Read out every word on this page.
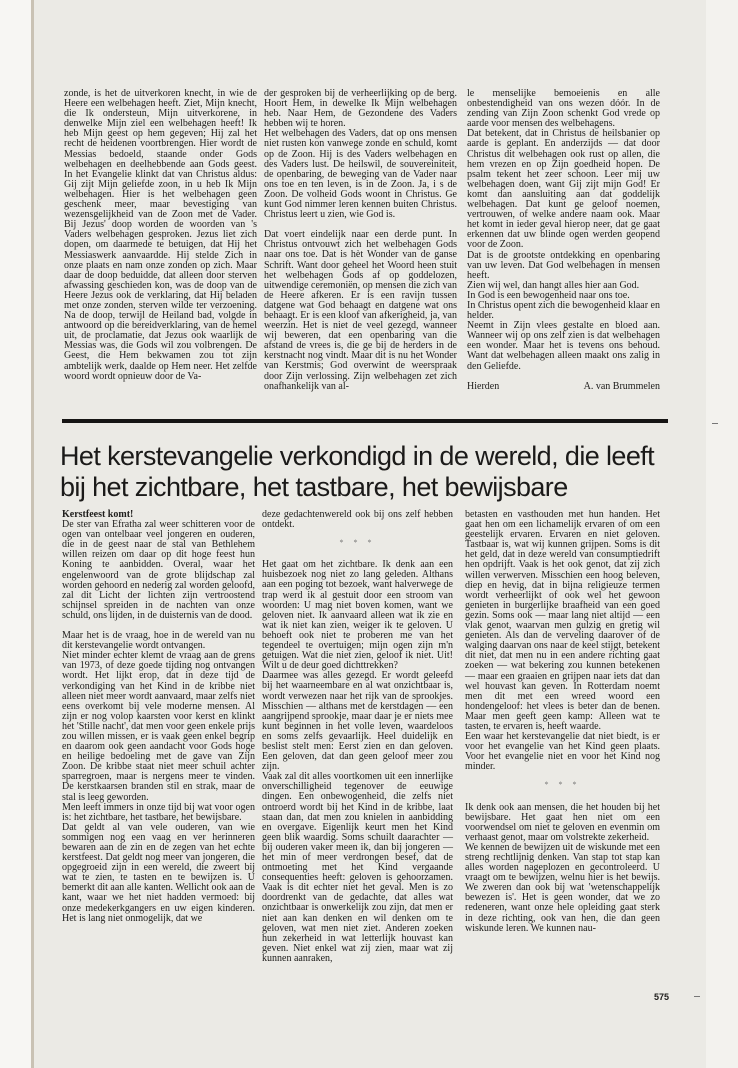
zonde, is het de uitverkoren knecht, in wie de Heere een welbehagen heeft. Ziet, Mijn knecht, die Ik ondersteun, Mijn uitverkorene, in denwelke Mijn ziel een welbehagen heeft! Ik heb Mijn geest op hem gegeven; Hij zal het recht de heidenen voortbrengen. Hier wordt de Messias bedoeld, staande onder Gods welbehagen en deelhebbende aan Gods geest. In het Evangelie klinkt dat van Christus aldus: Gij zijt Mijn geliefde zoon, in u heb Ik Mijn welbehagen. Hier is het welbehagen geen geschenk meer, maar bevestiging van wezensgelijkheid van de Zoon met de Vader. Bij Jezus' doop worden de woorden van 's Vaders welbehagen gesproken. Jezus liet zich dopen, om daarmede te betuigen, dat Hij het Messiaswerk aanvaardde. Hij stelde Zich in onze plaats en nam onze zonden op zich. Maar daar de doop beduidde, dat alleen door sterven afwassing geschieden kon, was de doop van de Heere Jezus ook de verklaring, dat Hij beladen met onze zonden, sterven wilde ter verzoening. Na de doop, terwijl de Heiland bad, volgde in antwoord op die bereidverklaring, van de hemel uit, de proclamatie, dat Jezus ook waarlijk de Messias was, die Gods wil zou volbrengen. De Geest, die Hem bekwamen zou tot zijn ambtelijk werk, daalde op Hem neer. Het zelfde woord wordt opnieuw door de Va-

der gesproken bij de verheerlijking op de berg. Hoort Hem, in dewelke Ik Mijn welbehagen heb. Naar Hem, de Gezondene des Vaders hebben wij te horen.

Het welbehagen des Vaders, dat op ons mensen niet rusten kon vanwege zonde en schuld, komt op de Zoon. Hij is des Vaders welbehagen en des Vaders lust. De heilswil, de souvereiniteit, de openbaring, de beweging van de Vader naar ons toe en ten leven, is in de Zoon. Ja, i s de Zoon. De volheid Gods woont in Christus. Ge kunt God nimmer leren kennen buiten Christus. Christus leert u zien, wie God is.

Dat voert eindelijk naar een derde punt. In Christus ontvouwt zich het welbehagen Gods naar ons toe. Dat is hèt Wonder van de ganse Schrift. Want door geheel het Woord heen stuit het welbehagen Gods af op goddelozen, uitwendige ceremoniën, op mensen die zich van de Heere afkeren. Er is een ravijn tussen datgene wat God behaagt en datgene wat ons behaagt. Er is een kloof van afkerigheid, ja, van weerzin. Het is niet de veel gezegd, wanneer wij beweren, dat een openbaring van die afstand de vrees is, die ge bij de herders in de kerstnacht nog vindt. Maar dit is nu het Wonder van Kerstmis; God overwint de weerspraak door Zijn verlossing. Zijn welbehagen zet zich onafhankelijk van al-

le menselijke bemoeienis en alle onbestendigheid van ons wezen dóór. In de zending van Zijn Zoon schenkt God vrede op aarde voor mensen des welbehagens.

Dat betekent, dat in Christus de heilsbanier op aarde is geplant. En anderzijds — dat door Christus dit welbehagen ook rust op allen, die hem vrezen en op Zijn goedheid hopen. De psalm tekent het zeer schoon. Leer mij uw welbehagen doen, want Gij zijt mijn God! Er komt dan aansluiting aan dat goddelijk welbehagen. Dat kunt ge geloof noemen, vertrouwen, of welke andere naam ook. Maar het komt in ieder geval hierop neer, dat ge gaat erkennen dat uw blinde ogen werden geopend voor de Zoon.

Dat is de grootste ontdekking en openbaring van uw leven. Dat God welbehagen in mensen heeft.

Zien wij wel, dan hangt alles hier aan God.

In God is een bewogenheid naar ons toe.

In Christus opent zich die bewogenheid klaar en helder.

Neemt in Zijn vlees gestalte en bloed aan. Wanneer wij op ons zelf zien is dat welbehagen een wonder. Maar het is tevens ons behoud. Want dat welbehagen alleen maakt ons zalig in den Geliefde.

Hierden	A. van Brummelen
Het kerstevangelie verkondigd in de wereld, die leeft bij het zichtbare, het tastbare, het bewijsbare

Kerstfeest komt!

De ster van Efratha zal weer schitteren voor de ogen van ontelbaar veel jongeren en ouderen, die in de geest naar de stal van Bethlehem willen reizen om daar op dit hoge feest hun Koning te aanbidden. Overal, waar het engelenwoord van de grote blijdschap zal worden gehoord en nederig zal worden geloofd, zal dit Licht der lichten zijn vertroostend schijnsel spreiden in de nachten van onze schuld, ons lijden, in de duisternis van de dood.

Maar het is de vraag, hoe in de wereld van nu dit kerstevangelie wordt ontvangen.

Niet minder echter klemt de vraag aan de grens van 1973, of deze goede tijding nog ontvangen wordt. Het lijkt erop, dat in deze tijd de verkondiging van het Kind in de kribbe niet alleen niet meer wordt aanvaard, maar zelfs niet eens overkomt bij vele moderne mensen. Al zijn er nog volop kaarsten voor kerst en klinkt het 'Stille nacht', dat men voor geen enkele prijs zou willen missen, er is vaak geen enkel begrip en daarom ook geen aandacht voor Gods hoge en heilige bedoeling met de gave van Zijn Zoon. De kribbe staat niet meer schuil achter sparregroen, maar is nergens meer te vinden. De kerstkaarsen branden stil en strak, maar de stal is leeg geworden.

Men leeft immers in onze tijd bij wat voor ogen is: het zichtbare, het tastbare, het bewijsbare.

Dat geldt al van vele ouderen, van wie sommigen nog een vaag en ver herinneren bewaren aan de zin en de zegen van het echte kerstfeest. Dat geldt nog meer van jongeren, die opgegroeid zijn in een wereld, die zweert bij wat te zien, te tasten en te bewijzen is. U bemerkt dit aan alle kanten. Wellicht ook aan de kant, waar we het niet hadden vermoed: bij onze medekerkgangers en uw eigen kinderen. Het is lang niet onmogelijk, dat we

deze gedachtenwereld ook bij ons zelf hebben ontdekt.

* * *

Het gaat om het zichtbare. Ik denk aan een huisbezoek nog niet zo lang geleden. Althans aan een poging tot bezoek, want halverwege de trap werd ik al gestuit door een stroom van woorden: U mag niet boven komen, want we geloven niet. Ik aanvaard alleen wat ik zie en wat ik niet kan zien, weiger ik te geloven. U behoeft ook niet te proberen me van het tegendeel te overtuigen; mijn ogen zijn m'n getuigen. Wat die niet zien, geloof ik niet. Uit! Wilt u de deur goed dichttrekken?

Daarmee was alles gezegd. Er wordt geleefd bij het waarneembare en al wat onzichtbaar is, wordt verwezen naar het rijk van de sprookjes. Misschien — althans met de kerstdagen — een aangrijpend sprookje, maar daar je er niets mee kunt beginnen in het volle leven, waardeloos en soms zelfs gevaarlijk. Heel duidelijk en beslist stelt men: Eerst zien en dan geloven. Een geloven, dat dan geen geloof meer zou zijn.

Vaak zal dit alles voortkomen uit een innerlijke onverschilligheid tegenover de eeuwige dingen. Een onbewogenheid, die zelfs niet ontroerd wordt bij het Kind in de kribbe, laat staan dan, dat men zou knielen in aanbidding en overgave. Eigenlijk keurt men het Kind geen blik waardig. Soms schuilt daarachter — bij ouderen vaker meen ik, dan bij jongeren — het min of meer verdrongen besef, dat de ontmoeting met het Kind vergaande consequenties heeft: geloven is gehoorzamen. Vaak is dit echter niet het geval. Men is zo doordrenkt van de gedachte, dat alles wat onzichtbaar is onwerkelijk zou zijn, dat men er niet aan kan denken en wil denken om te geloven, wat men niet ziet. Anderen zoeken hun zekerheid in wat letterlijk houvast kan geven. Niet enkel wat zij zien, maar wat zij kunnen aanraken,

betasten en vasthouden met hun handen. Het gaat hen om een lichamelijk ervaren of om een geestelijk ervaren. Ervaren en niet geloven. Tastbaar is, wat wij kunnen grijpen. Soms is dit het geld, dat in deze wereld van consumptiedrift hen opdrijft. Vaak is het ook genot, dat zij zich willen verwerven. Misschien een hoog beleven, diep en hevig, dat in bijna religieuze termen wordt verheerlijkt of ook wel het gewoon genieten in burgerlijke braafheid van een goed gezin. Soms ook — maar lang niet altijd — een vlak genot, waarvan men gulzig en gretig wil genieten. Als dan de verveling daarover of de walging daarvan ons naar de keel stijgt, betekent dit niet, dat men nu in een andere richting gaat zoeken — wat bekering zou kunnen betekenen — maar een graaien en grijpen naar iets dat dan wel houvast kan geven. In Rotterdam noemt men dit met een wreed woord een hondengeloof: het vlees is beter dan de benen. Maar men geeft geen kamp: Alleen wat te tasten, te ervaren is, heeft waarde.

Een waar het kerstevangelie dat niet biedt, is er voor het evangelie van het Kind geen plaats. Voor het evangelie niet en voor het Kind nog minder.

* * *

Ik denk ook aan mensen, die het houden bij het bewijsbare. Het gaat hen niet om een voorwendsel om niet te geloven en evenmin om verhaast genot, maar om volstrekte zekerheid.

We kennen de bewijzen uit de wiskunde met een streng rechtlijnig denken. Van stap tot stap kan alles worden nageplozen en gecontroleerd. U vraagt om te bewijzen, welnu hier is het bewijs. We zweren dan ook bij wat 'wetenschappelijk bewezen is'. Het is geen wonder, dat we zo redeneren, want onze hele opleiding gaat sterk in deze richting, ook van hen, die dan geen wiskunde leren. We kunnen nau-

575
